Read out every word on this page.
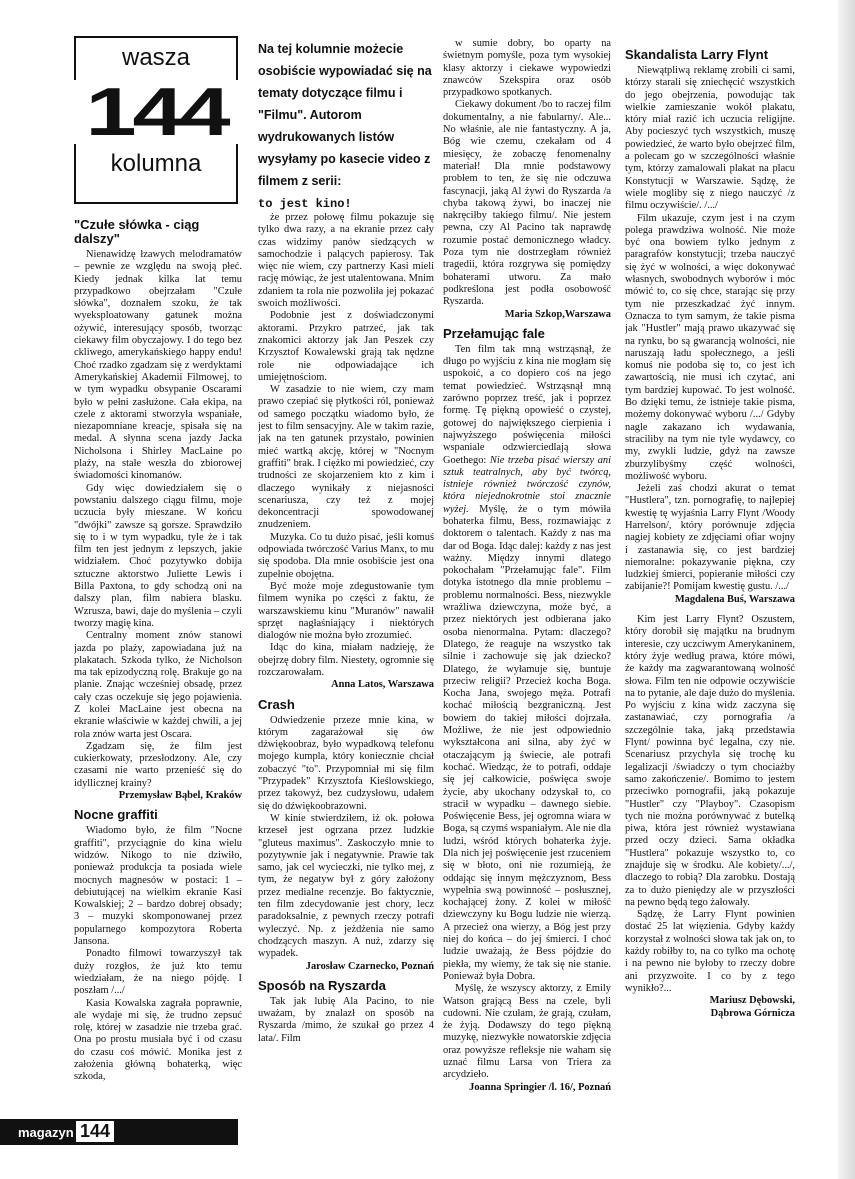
wasza
144
kolumna
Na tej kolumnie możecie osobiście wypowiadać się na tematy dotyczące filmu i "Filmu". Autorom wydrukowanych listów wysyłamy po kasecie video z filmem z serii:
to jest kino!
"Czułe słówka - ciąg dalszy"

Nienawidzę łzawych melodramatów – pewnie ze względu na swoją płeć. Kiedy jednak kilka lat temu przypadkowo obejrzałam "Czułe słówka", doznałem szoku, że tak wyeksploatowany gatunek można ożywić, interesujący sposób, tworząc ciekawy film obyczajowy. I do tego bez ckliwego, amerykańskiego happy endu! Choć rzadko zgadzam się z werdyktami Amerykańskiej Akademii Filmowej, to w tym wypadku obsypanie Oscarami było w pełni zasłużone. Cała ekipa, na czele z aktorami stworzyła wspaniałe, niezapomniane kreacje, spisała się na medal. A słynna scena jazdy Jacka Nicholsona i Shirley MacLaine po plaży, na stałe weszła do zbiorowej świadomości kinomanów.

Gdy więc dowiedziałem się o powstaniu dalszego ciągu filmu, moje uczucia były mieszane. W końcu "dwójki" zawsze są gorsze. Sprawdziło się to i w tym wypadku, tyle że i tak film ten jest jednym z lepszych, jakie widziałem. Choć pozytywko dobija sztuczne aktorstwo Juliette Lewis i Billa Paxtona, to gdy schodzą oni na dalszy plan, film nabiera blasku. Wzrusza, bawi, daje do myślenia – czyli tworzy magię kina.

Centralny moment znów stanowi jazda po plaży, zapowiadana już na plakatach. Szkoda tylko, że Nicholson ma tak epizodyczną rolę. Brakuje go na planie. Znając wcześniej obsadę, przez cały czas oczekuje się jego pojawienia. Z kolei MacLaine jest obecna na ekranie właściwie w każdej chwili, a jej rola znów warta jest Oscara.

Zgadzam się, że film jest cukierkowaty, przesłodzony. Ale, czy czasami nie warto przenieść się do idyllicznej krainy?

Przemysław Bąbel, Kraków

Nocne graffiti

Wiadomo było, że film "Nocne graffiti", przyciągnie do kina wielu widzów. Nikogo to nie dziwiło, ponieważ produkcja ta posiada wiele mocnych magnesów w postaci: 1 – debiutującej na wielkim ekranie Kasi Kowalskiej; 2 – bardzo dobrej obsady; 3 – muzyki skomponowanej przez popularnego kompozytora Roberta Jansona.

Ponadto filmowi towarzyszył tak duży rozgłos, że już kto temu wiedziałam, że na niego pójdę. I poszłam /.../

Kasia Kowalska zagrała poprawnie, ale wydaje mi się, że trudno zepsuć rolę, której w zasadzie nie trzeba grać. Ona po prostu musiała być i od czasu do czasu coś mówić. Monika jest z założenia główną bohaterką, więc szkoda,

że przez połowę filmu pokazuje się tylko dwa razy, a na ekranie przez cały czas widzimy panów siedzących w samochodzie i palących papierosy. Tak więc nie wiem, czy partnerzy Kasi mieli rację mówiąc, że jest utalentowana. Mnim zdaniem ta rola nie pozwoliła jej pokazać swoich możliwości.

Podobnie jest z doświadczonymi aktorami. Przykro patrzeć, jak tak znakomici aktorzy jak Jan Peszek czy Krzysztof Kowalewski grają tak nędzne role nie odpowiadające ich umiejętnościom.

W zasadzie to nie wiem, czy mam prawo czepiać się płytkości ról, ponieważ od samego początku wiadomo było, że jest to film sensacyjny. Ale w takim razie, jak na ten gatunek przystało, powinien mieć wartką akcję, której w "Nocnym graffiti" brak. I ciężko mi powiedzieć, czy trudności ze skojarzeniem kto z kim i dlaczego wynikały z niejasności scenariusza, czy też z mojej dekoncentracji spowodowanej znudzeniem.

Muzyka. Co tu dużo pisać, jeśli komuś odpowiada twórczość Varius Manx, to mu się spodoba. Dla mnie osobiście jest ona zupełnie obojętna.

Być może moje zdegustowanie tym filmem wynika po części z faktu, że warszawskiemu kinu "Muranów" nawalił sprzęt nagłaśniający i niektórych dialogów nie można było zrozumieć.

Idąc do kina, miałam nadzieję, że obejrzę dobry film. Niestety, ogromnie się rozczarowałam.

Anna Latos, Warszawa

Crash

Odwiedzenie przeze mnie kina, w którym zagarażował się ów dźwiękoobraz, było wypadkową telefonu mojego kumpla, który koniecznie chciał zobaczyć "to". Przypomniał mi się film "Przypadek" Krzysztofa Kieślowskiego, przez takowyż, bez cudzysłowu, udałem się do dźwiękoobrazowni.

W kinie stwierdziłem, iż ok. połowa krzeseł jest ogrzana przez ludzkie "gluteus maximus". Zaskoczyło mnie to pozytywnie jak i negatywnie. Prawie tak samo, jak cel wycieczki, nie tylko mej, z tym, że negatyw był z góry założony przez medialne recenzje. Bo faktycznie, ten film zdecydowanie jest chory, lecz paradoksalnie, z pewnych rzeczy potrafi wyleczyć. Np. z jeżdżenia nie samo chodzących maszyn. A nuż, zdarzy się wypadek.

Jarosław Czarnecko, Poznań

Sposób na Ryszarda

Tak jak lubię Ala Pacino, to nie uważam, by znalazł on sposób na Ryszarda /mimo, że szukał go przez 4 lata/. Film

w sumie dobry, bo oparty na świetnym pomyśle, poza tym wysokiej klasy aktorzy i ciekawe wypowiedzi znawców Szekspira oraz osób przypadkowo spotkanych.

Ciekawy dokument /bo to raczej film dokumentalny, a nie fabularny/. Ale... No właśnie, ale nie fantastyczny. A ja, Bóg wie czemu, czekałam od 4 miesięcy, że zobaczę fenomenalny materiał! Dla mnie podstawowy problem to ten, że się nie odczuwa fascynacji, jaką Al żywi do Ryszarda /a chyba takową żywi, bo inaczej nie nakręciłby takiego filmu/. Nie jestem pewna, czy Al Pacino tak naprawdę rozumie postać demonicznego władcy. Poza tym nie dostrzegłam również tragedii, która rozgrywa się pomiędzy bohaterami utworu. Za mało podkreślona jest podła osobowość Ryszarda.

Maria Szkop,Warszawa

Przełamując fale

Ten film tak mną wstrząsnął, że długo po wyjściu z kina nie mogłam się uspokoić, a co dopiero coś na jego temat powiedzieć. Wstrząsnął mną zarówno poprzez treść, jak i poprzez formę. Tę piękną opowieść o czystej, gotowej do największego cierpienia i najwyższego poświęcenia miłości wspaniale odzwierciedlają słowa Goethego: Nie trzeba pisać wierszy ani sztuk teatralnych, aby być twórcą, istnieje również twórczość czynów, która niejednokrotnie stoi znacznie wyżej. Myślę, że o tym mówiła bohaterka filmu, Bess, rozmawiając z doktorem o talentach. Każdy z nas ma dar od Boga. Idąc dalej: każdy z nas jest ważny. Między innymi dlatego pokochałam "Przełamując fale". Film dotyka istotnego dla mnie problemu – problemu normalności. Bess, niezwykle wrażliwa dziewczyna, może być, a przez niektórych jest odbierana jako osoba nienormalna. Pytam: dlaczego? Dlatego, że reaguje na wszystko tak silnie i zachowuje się jak dziecko? Dlatego, że wyłamuje się, buntuje przeciw religii? Przecież kocha Boga. Kocha Jana, swojego męża. Potrafi kochać miłością bezgraniczną. Jest bowiem do takiej miłości dojrzała. Możliwe, że nie jest odpowiednio wykształcona ani silna, aby żyć w otaczającym ją świecie, ale potrafi kochać. Wiedząc, że to potrafi, oddaje się jej całkowicie, poświęca swoje życie, aby ukochany odzyskał to, co stracił w wypadku – dawnego siebie. Poświęcenie Bess, jej ogromna wiara w Boga, są czymś wspaniałym. Ale nie dla ludzi, wśród których bohaterka żyje. Dla nich jej poświęcenie jest rzuceniem się w błoto, oni nie rozumieją, że oddając się innym mężczyznom, Bess wypełnia swą powinność – posłusznej, kochającej żony. Z kolei w miłość dziewczyny ku Bogu ludzie nie wierzą. A przecież ona wierzy, a Bóg jest przy niej do końca – do jej śmierci. I choć ludzie uważają, że Bess pójdzie do piekła, my wiemy, że tak się nie stanie. Ponieważ była Dobra.

Myślę, że wszyscy aktorzy, z Emily Watson grającą Bess na czele, byli cudowni. Nie czułam, że grają, czułam, że żyją. Dodawszy do tego piękną muzykę, niezwykłe nowatorskie zdjęcia oraz powyższe refleksje nie waham się uznać filmu Larsa von Triera za arcydzieło.

Joanna Springier /l. 16/, Poznań

Skandalista Larry Flynt

Niewątpliwą reklamę zrobili ci sami, którzy starali się zniechęcić wszystkich do jego obejrzenia, powodując tak wielkie zamieszanie wokół plakatu, który miał razić ich uczucia religijne. Aby pocieszyć tych wszystkich, muszę powiedzieć, że warto było obejrzeć film, a polecam go w szczególności właśnie tym, którzy zamalowali plakat na placu Konstytucji w Warszawie. Sądzę, że wiele mogliby się z niego nauczyć /z filmu oczywiście/. /.../

Film ukazuje, czym jest i na czym polega prawdziwa wolność. Nie może być ona bowiem tylko jednym z paragrafów konstytucji; trzeba nauczyć się żyć w wolności, a więc dokonywać własnych, swobodnych wyborów i móc mówić to, co się chce, starając się przy tym nie przeszkadzać żyć innym. Oznacza to tym samym, że takie pisma jak "Hustler" mają prawo ukazywać się na rynku, bo są gwarancją wolności, nie naruszają ładu społecznego, a jeśli komuś nie podoba się to, co jest ich zawartością, nie musi ich czytać, ani tym bardziej kupować. To jest wolność. Bo dzięki temu, że istnieje takie pisma, możemy dokonywać wyboru /.../ Gdyby nagle zakazano ich wydawania, straciliby na tym nie tyle wydawcy, co my, zwykli ludzie, gdyż na zawsze zburzylibyśmy część wolności, możliwość wyboru.

Jeżeli zaś chodzi akurat o temat "Hustlera", tzn. pornografię, to najlepiej kwestię tę wyjaśnia Larry Flynt /Woody Harrelson/, który porównuje zdjęcia nagiej kobiety ze zdjęciami ofiar wojny i zastanawia się, co jest bardziej niemoralne: pokazywanie piękna, czy ludzkiej śmierci, popieranie miłości czy zabijanie?! Pomijam kwestię gustu. /.../

Magdalena Buś, Warszawa

Kim jest Larry Flynt? Oszustem, który dorobił się majątku na brudnym interesie, czy uczciwym Amerykaninem, który żyje według prawa, które mówi, że każdy ma zagwarantowaną wolność słowa. Film ten nie odpowie oczywiście na to pytanie, ale daje dużo do myślenia. Po wyjściu z kina widz zaczyna się zastanawiać, czy pornografia /a szczególnie taka, jaką przedstawia Flynt/ powinna być legalna, czy nie. Scenariusz przychyla się trochę ku legalizacji /świadczy o tym chociażby samo zakończenie/. Bomimo to jestem przeciwko pornografii, jaką pokazuje "Hustler" czy "Playboy". Czasopism tych nie można porównywać z butelką piwa, która jest również wystawiana przed oczy dzieci. Sama okładka "Hustlera" pokazuje wszystko to, co znajduje się w środku. Ale kobiety/.../, dlaczego to robią? Dla zarobku. Dostają za to dużo pieniędzy ale w przyszłości na pewno będą tego żałowały.

Sądzę, że Larry Flynt powinien dostać 25 lat więzienia. Gdyby każdy korzystał z wolności słowa tak jak on, to każdy robiłby to, na co tylko ma ochotę i na pewno nie byłoby to rzeczy dobre ani przyzwoite. I co by z tego wynikło?...

Mariusz Dębowski,

Dąbrowa Górnicza

magazyn 144
